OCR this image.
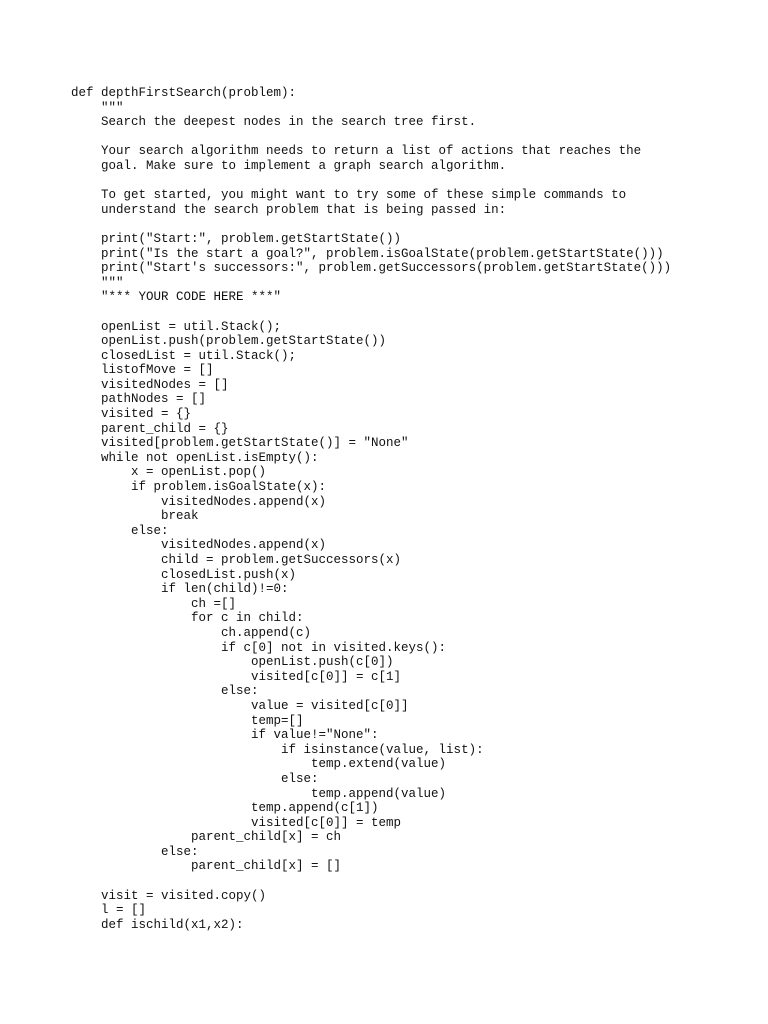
def depthFirstSearch(problem):
"""
Search the deepest nodes in the search tree first.
Your search algorithm needs to return a list of actions that reaches the
goal. Make sure to implement a graph search algorithm.
To get started, you might want to try some of these simple commands to
understand the search problem that is being passed in:
print("Start:", problem.getStartState())
print("Is the start a goal?", problem.isGoalState(problem.getStartState()))
print("Start's successors:", problem.getSuccessors(problem.getStartState()))
"""
"*** YOUR CODE HERE ***"
openList = util.Stack();
openList.push(problem.getStartState())
closedList = util.Stack();
listofMove = []
visitedNodes = []
pathNodes = []
visited = {}
parent_child = {}
visited[problem.getStartState()] = "None"
while not openList.isEmpty():
x = openList.pop()
if problem.isGoalState(x):
visitedNodes.append(x)
break
else:
visitedNodes.append(x)
child = problem.getSuccessors(x)
closedList.push(x)
if len(child)!=0:
ch =[]
for c in child:
ch.append(c)
if c[0] not in visited.keys():
openList.push(c[0])
visited[c[0]] = c[1]
else:
value = visited[c[0]]
temp=[]
if value!="None":
if isinstance(value, list):
temp.extend(value)
else:
temp.append(value)
temp.append(c[1])
visited[c[0]] = temp
parent_child[x] = ch
else:
parent_child[x] = []
visit = visited.copy()
l = []
def ischild(x1,x2):
